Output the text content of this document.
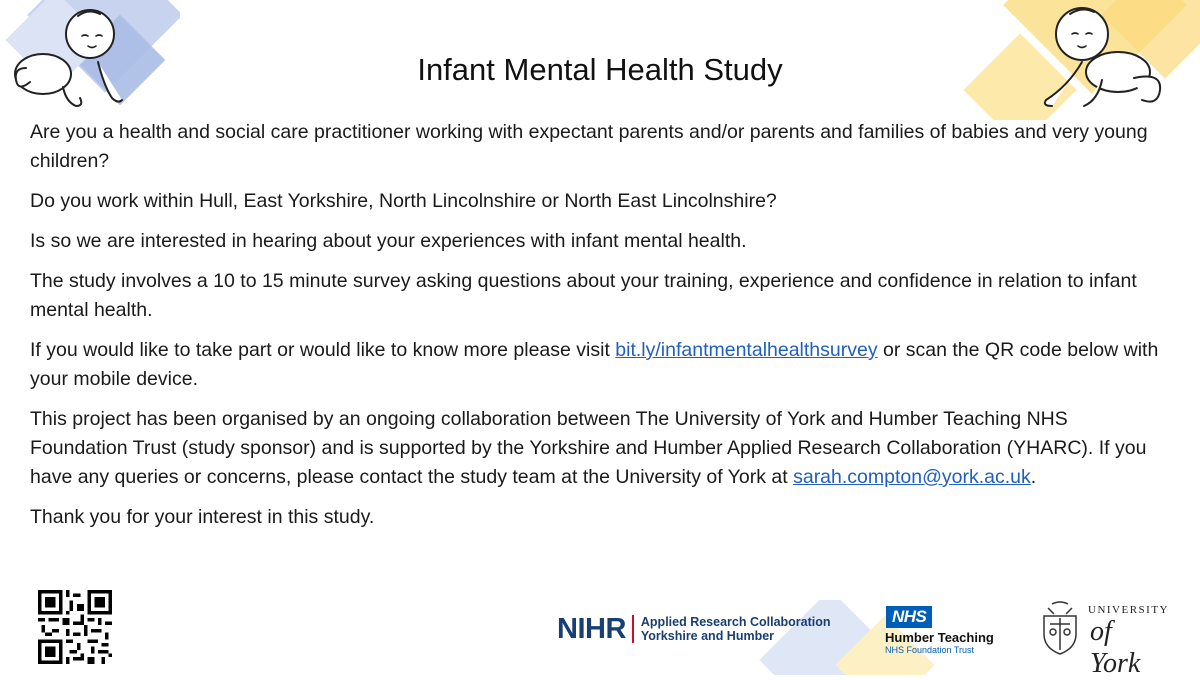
Infant Mental Health Study

Are you a health and social care practitioner working with expectant parents and/or parents and families of babies and very young children?

Do you work within Hull, East Yorkshire, North Lincolnshire or North East Lincolnshire?

Is so we are interested in hearing about your experiences with infant mental health.

The study involves a 10 to 15 minute survey asking questions about your training, experience and confidence in relation to infant mental health.

If you would like to take part or would like to know more please visit bit.ly/infantmentalhealthsurvey or scan the QR code below with your mobile device.

This project has been organised by an ongoing collaboration between The University of York and Humber Teaching NHS Foundation Trust (study sponsor) and is supported by the Yorkshire and Humber Applied Research Collaboration (YHARC). If you have any queries or concerns, please contact the study team at the University of York at sarah.compton@york.ac.uk.

Thank you for your interest in this study.

NIHR Applied Research Collaboration
Yorkshire and Humber
NHS
Humber Teaching
NHS Foundation Trust
UNIVERSITY
of York
